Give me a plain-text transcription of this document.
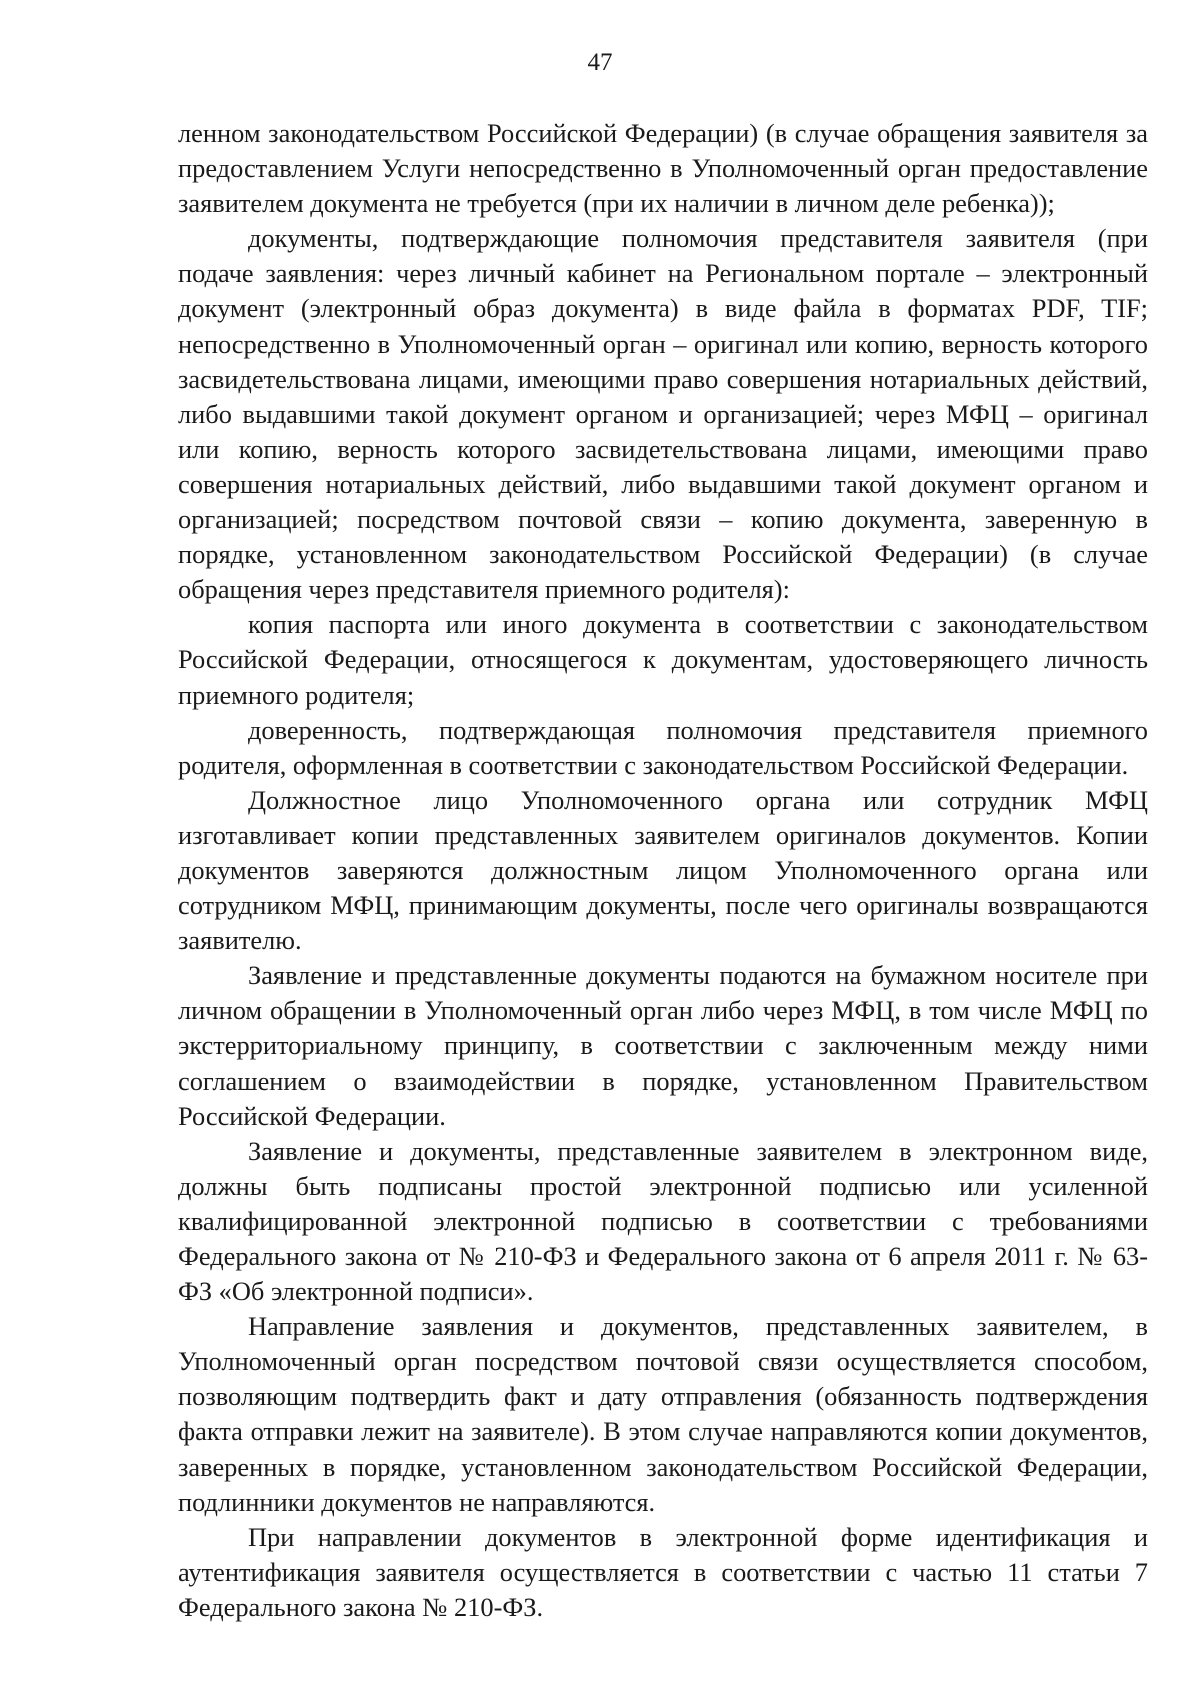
47

ленном законодательством Российской Федерации) (в случае обращения заявителя за предоставлением Услуги непосредственно в Уполномоченный орган предоставление заявителем документа не требуется (при их наличии в личном деле ребенка));

документы, подтверждающие полномочия представителя заявителя (при подаче заявления: через личный кабинет на Региональном портале – электронный документ (электронный образ документа) в виде файла в форматах PDF, TIF; непосредственно в Уполномоченный орган – оригинал или копию, верность которого засвидетельствована лицами, имеющими право совершения нотариальных действий, либо выдавшими такой документ органом и организацией; через МФЦ – оригинал или копию, верность которого засвидетельствована лицами, имеющими право совершения нотариальных действий, либо выдавшими такой документ органом и организацией; посредством почтовой связи – копию документа, заверенную в порядке, установленном законодательством Российской Федерации) (в случае обращения через представителя приемного родителя):

копия паспорта или иного документа в соответствии с законодательством Российской Федерации, относящегося к документам, удостоверяющего личность приемного родителя;

доверенность, подтверждающая полномочия представителя приемного родителя, оформленная в соответствии с законодательством Российской Федерации.

Должностное лицо Уполномоченного органа или сотрудник МФЦ изготавливает копии представленных заявителем оригиналов документов. Копии документов заверяются должностным лицом Уполномоченного органа или сотрудником МФЦ, принимающим документы, после чего оригиналы возвращаются заявителю.

Заявление и представленные документы подаются на бумажном носителе при личном обращении в Уполномоченный орган либо через МФЦ, в том числе МФЦ по экстерриториальному принципу, в соответствии с заключенным между ними соглашением о взаимодействии в порядке, установленном Правительством Российской Федерации.

Заявление и документы, представленные заявителем в электронном виде, должны быть подписаны простой электронной подписью или усиленной квалифицированной электронной подписью в соответствии с требованиями Федерального закона от № 210-ФЗ и Федерального закона от 6 апреля 2011 г. № 63-ФЗ «Об электронной подписи».

Направление заявления и документов, представленных заявителем, в Уполномоченный орган посредством почтовой связи осуществляется способом, позволяющим подтвердить факт и дату отправления (обязанность подтверждения факта отправки лежит на заявителе). В этом случае направляются копии документов, заверенных в порядке, установленном законодательством Российской Федерации, подлинники документов не направляются.

При направлении документов в электронной форме идентификация и аутентификация заявителя осуществляется в соответствии с частью 11 статьи 7 Федерального закона № 210-ФЗ.
